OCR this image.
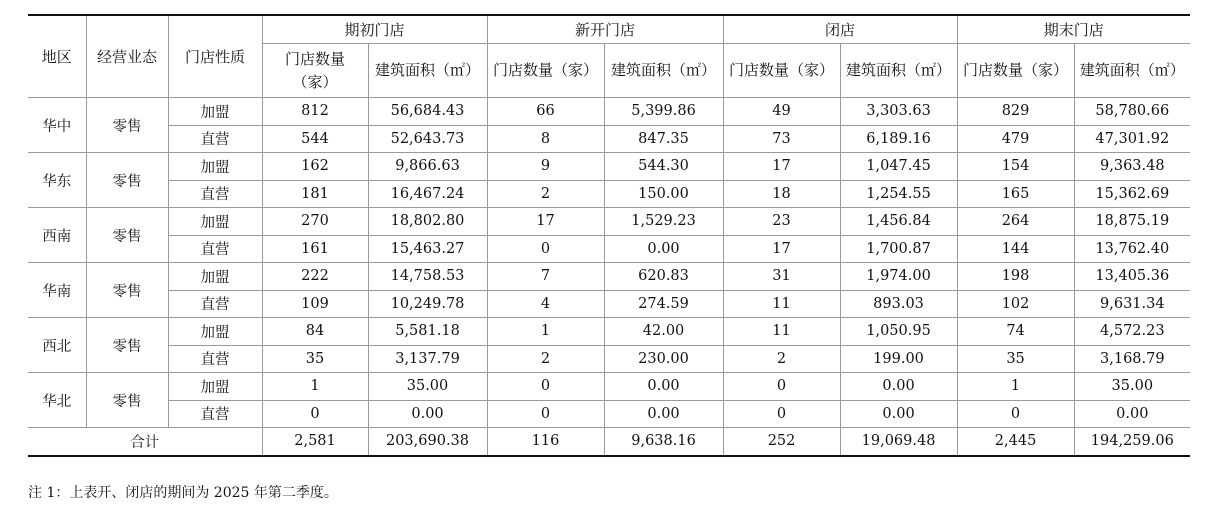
地区	经营业态	门店性质	期初门店		新开门店		闭店		期末门店	

			门店数量
（家）	建筑面积（㎡）	门店数量（家）	建筑面积（㎡）	门店数量（家）	建筑面积（㎡）	门店数量（家）	建筑面积（㎡）
华中	零售	加盟	812	56,684.43	66	5,399.86	49	3,303.63	829	58,780.66
		直营	544	52,643.73	8	847.35	73	6,189.16	479	47,301.92
华东	零售	加盟	162	9,866.63	9	544.30	17	1,047.45	154	9,363.48
		直营	181	16,467.24	2	150.00	18	1,254.55	165	15,362.69
西南	零售	加盟	270	18,802.80	17	1,529.23	23	1,456.84	264	18,875.19
		直营	161	15,463.27	0	0.00	17	1,700.87	144	13,762.40
华南	零售	加盟	222	14,758.53	7	620.83	31	1,974.00	198	13,405.36
		直营	109	10,249.78	4	274.59	11	893.03	102	9,631.34
西北	零售	加盟	84	5,581.18	1	42.00	11	1,050.95	74	4,572.23
		直营	35	3,137.79	2	230.00	2	199.00	35	3,168.79
华北	零售	加盟	1	35.00	0	0.00	0	0.00	1	35.00
		直营	0	0.00	0	0.00	0	0.00	0	0.00
合计			2,581	203,690.38	116	9,638.16	252	19,069.48	2,445	194,259.06
注 1：上表开、闭店的期间为 2025 年第二季度。
